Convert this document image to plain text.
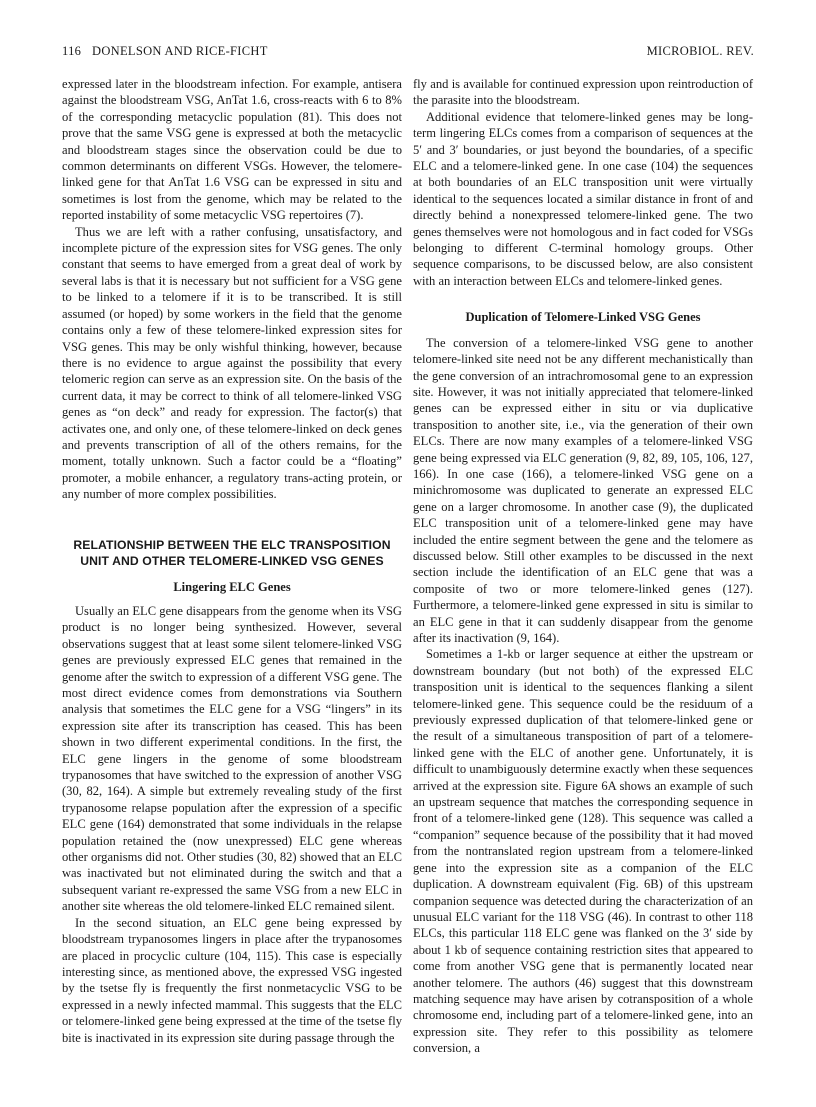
116 DONELSON AND RICE-FICHT	MICROBIOL. REV.

expressed later in the bloodstream infection. For example, antisera against the bloodstream VSG, AnTat 1.6, cross-reacts with 6 to 8% of the corresponding metacyclic population (81). This does not prove that the same VSG gene is expressed at both the metacyclic and bloodstream stages since the observation could be due to common determinants on different VSGs. However, the telomere-linked gene for that AnTat 1.6 VSG can be expressed in situ and sometimes is lost from the genome, which may be related to the reported instability of some metacyclic VSG repertoires (7).

Thus we are left with a rather confusing, unsatisfactory, and incomplete picture of the expression sites for VSG genes. The only constant that seems to have emerged from a great deal of work by several labs is that it is necessary but not sufficient for a VSG gene to be linked to a telomere if it is to be transcribed. It is still assumed (or hoped) by some workers in the field that the genome contains only a few of these telomere-linked expression sites for VSG genes. This may be only wishful thinking, however, because there is no evidence to argue against the possibility that every telomeric region can serve as an expression site. On the basis of the current data, it may be correct to think of all telomere-linked VSG genes as “on deck” and ready for expression. The factor(s) that activates one, and only one, of these telomere-linked on deck genes and prevents transcription of all of the others remains, for the moment, totally unknown. Such a factor could be a “floating” promoter, a mobile enhancer, a regulatory trans-acting protein, or any number of more complex possibilities.

RELATIONSHIP BETWEEN THE ELC TRANSPOSITION UNIT AND OTHER TELOMERE-LINKED VSG GENES
Lingering ELC Genes

Usually an ELC gene disappears from the genome when its VSG product is no longer being synthesized. However, several observations suggest that at least some silent telomere-linked VSG genes are previously expressed ELC genes that remained in the genome after the switch to expression of a different VSG gene. The most direct evidence comes from demonstrations via Southern analysis that sometimes the ELC gene for a VSG “lingers” in its expression site after its transcription has ceased. This has been shown in two different experimental conditions. In the first, the ELC gene lingers in the genome of some bloodstream trypanosomes that have switched to the expression of another VSG (30, 82, 164). A simple but extremely revealing study of the first trypanosome relapse population after the expression of a specific ELC gene (164) demonstrated that some individuals in the relapse population retained the (now unexpressed) ELC gene whereas other organisms did not. Other studies (30, 82) showed that an ELC was inactivated but not eliminated during the switch and that a subsequent variant re-expressed the same VSG from a new ELC in another site whereas the old telomere-linked ELC remained silent.

In the second situation, an ELC gene being expressed by bloodstream trypanosomes lingers in place after the trypanosomes are placed in procyclic culture (104, 115). This case is especially interesting since, as mentioned above, the expressed VSG ingested by the tsetse fly is frequently the first nonmetacyclic VSG to be expressed in a newly infected mammal. This suggests that the ELC or telomere-linked gene being expressed at the time of the tsetse fly bite is inactivated in its expression site during passage through the

fly and is available for continued expression upon reintroduction of the parasite into the bloodstream.

Additional evidence that telomere-linked genes may be long-term lingering ELCs comes from a comparison of sequences at the 5′ and 3′ boundaries, or just beyond the boundaries, of a specific ELC and a telomere-linked gene. In one case (104) the sequences at both boundaries of an ELC transposition unit were virtually identical to the sequences located a similar distance in front of and directly behind a nonexpressed telomere-linked gene. The two genes themselves were not homologous and in fact coded for VSGs belonging to different C-terminal homology groups. Other sequence comparisons, to be discussed below, are also consistent with an interaction between ELCs and telomere-linked genes.

Duplication of Telomere-Linked VSG Genes

The conversion of a telomere-linked VSG gene to another telomere-linked site need not be any different mechanistically than the gene conversion of an intrachromosomal gene to an expression site. However, it was not initially appreciated that telomere-linked genes can be expressed either in situ or via duplicative transposition to another site, i.e., via the generation of their own ELCs. There are now many examples of a telomere-linked VSG gene being expressed via ELC generation (9, 82, 89, 105, 106, 127, 166). In one case (166), a telomere-linked VSG gene on a minichromosome was duplicated to generate an expressed ELC gene on a larger chromosome. In another case (9), the duplicated ELC transposition unit of a telomere-linked gene may have included the entire segment between the gene and the telomere as discussed below. Still other examples to be discussed in the next section include the identification of an ELC gene that was a composite of two or more telomere-linked genes (127). Furthermore, a telomere-linked gene expressed in situ is similar to an ELC gene in that it can suddenly disappear from the genome after its inactivation (9, 164).

Sometimes a 1-kb or larger sequence at either the upstream or downstream boundary (but not both) of the expressed ELC transposition unit is identical to the sequences flanking a silent telomere-linked gene. This sequence could be the residuum of a previously expressed duplication of that telomere-linked gene or the result of a simultaneous transposition of part of a telomere-linked gene with the ELC of another gene. Unfortunately, it is difficult to unambiguously determine exactly when these sequences arrived at the expression site. Figure 6A shows an example of such an upstream sequence that matches the corresponding sequence in front of a telomere-linked gene (128). This sequence was called a “companion” sequence because of the possibility that it had moved from the nontranslated region upstream from a telomere-linked gene into the expression site as a companion of the ELC duplication. A downstream equivalent (Fig. 6B) of this upstream companion sequence was detected during the characterization of an unusual ELC variant for the 118 VSG (46). In contrast to other 118 ELCs, this particular 118 ELC gene was flanked on the 3′ side by about 1 kb of sequence containing restriction sites that appeared to come from another VSG gene that is permanently located near another telomere. The authors (46) suggest that this downstream matching sequence may have arisen by cotransposition of a whole chromosome end, including part of a telomere-linked gene, into an expression site. They refer to this possibility as telomere conversion, a
